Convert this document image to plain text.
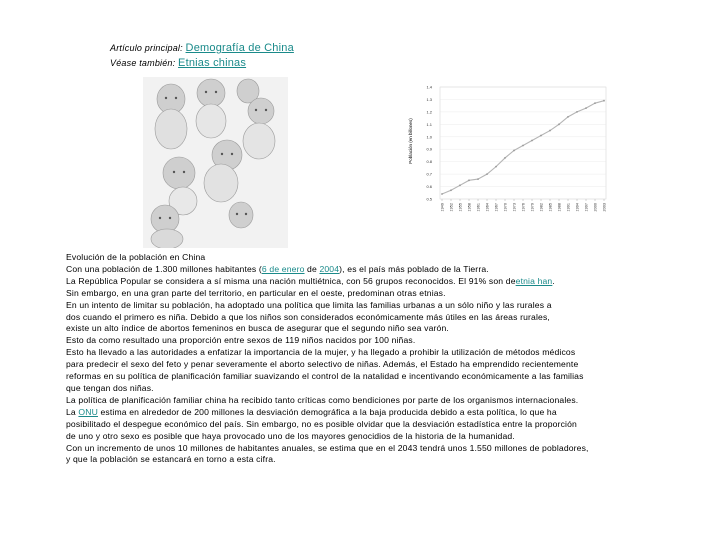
Artículo principal: Demografía de China
Véase también: Etnias chinas
Población (en billones)
0.5
0.6
0.7
0.8
0.9
1.0
1.1
1.2
1.3
1.4
1949 1952 1955 1958 1961 1964 1967 1970 1973 1976 1979 1982 1985 1988 1991 1994 1997 2000 2003

Evolución de la población en China

Con una población de 1.300 millones habitantes (6 de enero de 2004), es el país más poblado de la Tierra.

La República Popular se considera a sí misma una nación multiétnica, con 56 grupos reconocidos. El 91% son deetnia han.

Sin embargo, en una gran parte del territorio, en particular en el oeste, predominan otras etnias.

En un intento de limitar su población, ha adoptado una política que limita las familias urbanas a un sólo niño y las rurales a

dos cuando el primero es niña. Debido a que los niños son considerados económicamente más útiles en las áreas rurales,

existe un alto índice de abortos femeninos en busca de asegurar que el segundo niño sea varón.

Esto da como resultado una proporción entre sexos de 119 niños nacidos por 100 niñas.

Esto ha llevado a las autoridades a enfatizar la importancia de la mujer, y ha llegado a prohibir la utilización de métodos médicos

para predecir el sexo del feto y penar severamente el aborto selectivo de niñas. Además, el Estado ha emprendido recientemente

reformas en su política de planificación familiar suavizando el control de la natalidad e incentivando económicamente a las familias

que tengan dos niñas.

La política de planificación familiar china ha recibido tanto críticas como bendiciones por parte de los organismos internacionales.

La ONU estima en alrededor de 200 millones la desviación demográfica a la baja producida debido a esta política, lo que ha

posibilitado el despegue económico del país. Sin embargo, no es posible olvidar que la desviación estadística entre la proporción

de uno y otro sexo es posible que haya provocado uno de los mayores genocidios de la historia de la humanidad.

Con un incremento de unos 10 millones de habitantes anuales, se estima que en el 2043 tendrá unos 1.550 millones de pobladores,

y que la población se estancará en torno a esta cifra.
